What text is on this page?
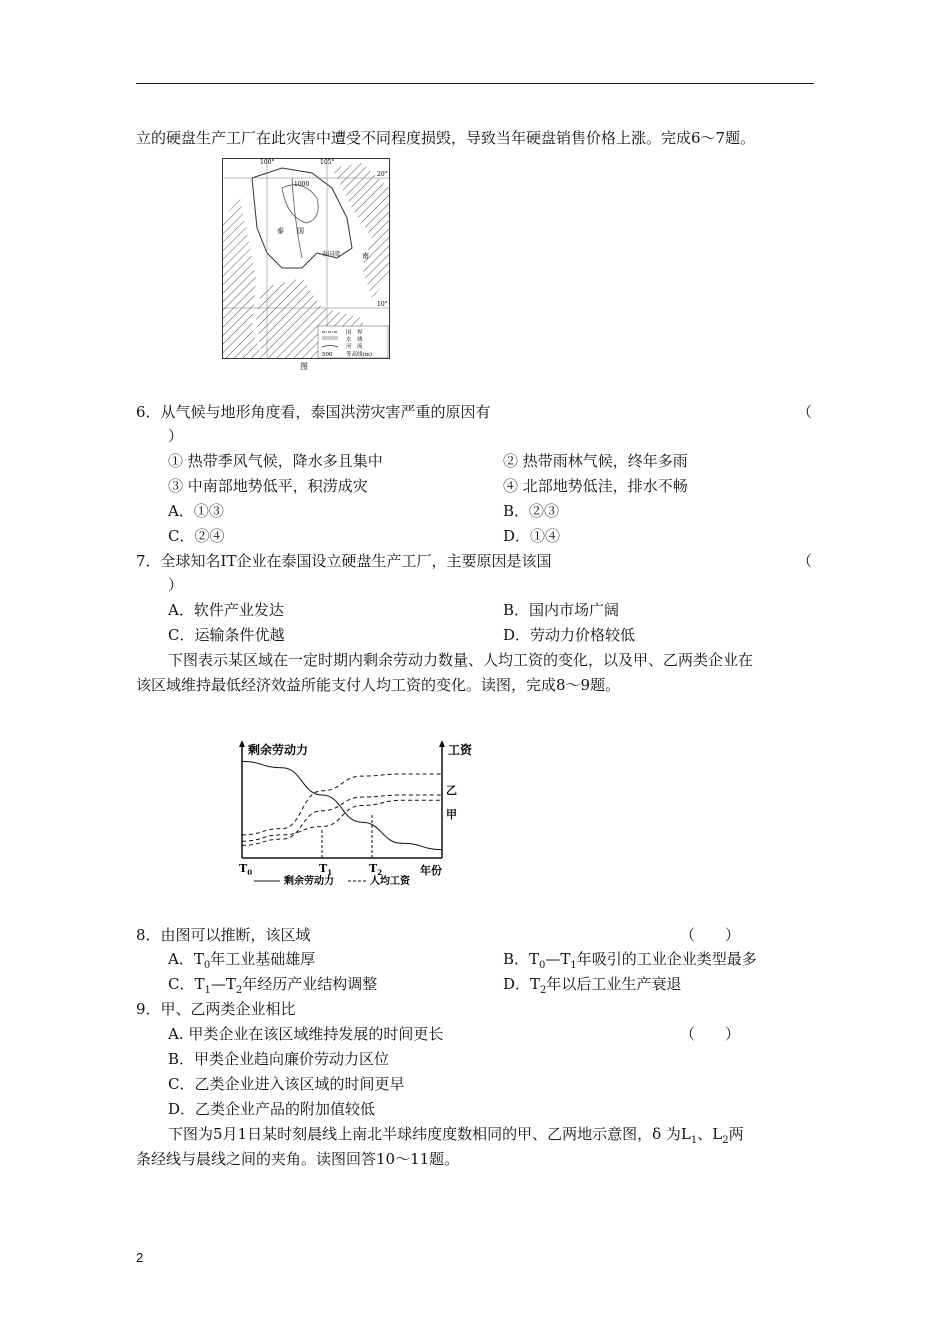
立的硬盘生产工厂在此灾害中遭受不同程度损毁，导致当年硬盘销售价格上涨。完成6～7题。
100°	105°
20°
10°
1000
泰 国
泰国湾	南
国　界
水　域
河　流
500 等高线(m)
图
6．从气候与地形角度看，泰国洪涝灾害严重的原因有	（
）
① 热带季风气候，降水多且集中	② 热带雨林气候，终年多雨
③ 中南部地势低平，积涝成灾	④ 北部地势低洼，排水不畅
A．①③	B．②③
C．②④	D．①④
7．全球知名IT企业在泰国设立硬盘生产工厂，主要原因是该国	（
）
A．软件产业发达	B．国内市场广阔
C．运输条件优越	D．劳动力价格较低
下图表示某区域在一定时期内剩余劳动力数量、人均工资的变化，以及甲、乙两类企业在
该区域维持最低经济效益所能支付人均工资的变化。读图，完成8～9题。
剩余劳动力	工资
年份
乙
甲
剩余劳动力	人均工资
$T_0$	$T_1$	$T_2$
8．由图可以推断，该区域	（　　）
A．$T_0$年工业基础雄厚	B．$T_0—T_1$年吸引的工业企业类型最多
C．$T_1—T_2$年经历产业结构调整	D．$T_2$年以后工业生产衰退
9．甲、乙两类企业相比
A. 甲类企业在该区域维持发展的时间更长	（　　）
B．甲类企业趋向廉价劳动力区位
C．乙类企业进入该区域的时间更早
D．乙类企业产品的附加值较低
下图为5月1日某时刻晨线上南北半球纬度度数相同的甲、乙两地示意图，δ 为$L_1$、$L_2$两
条经线与晨线之间的夹角。读图回答10～11题。
2
